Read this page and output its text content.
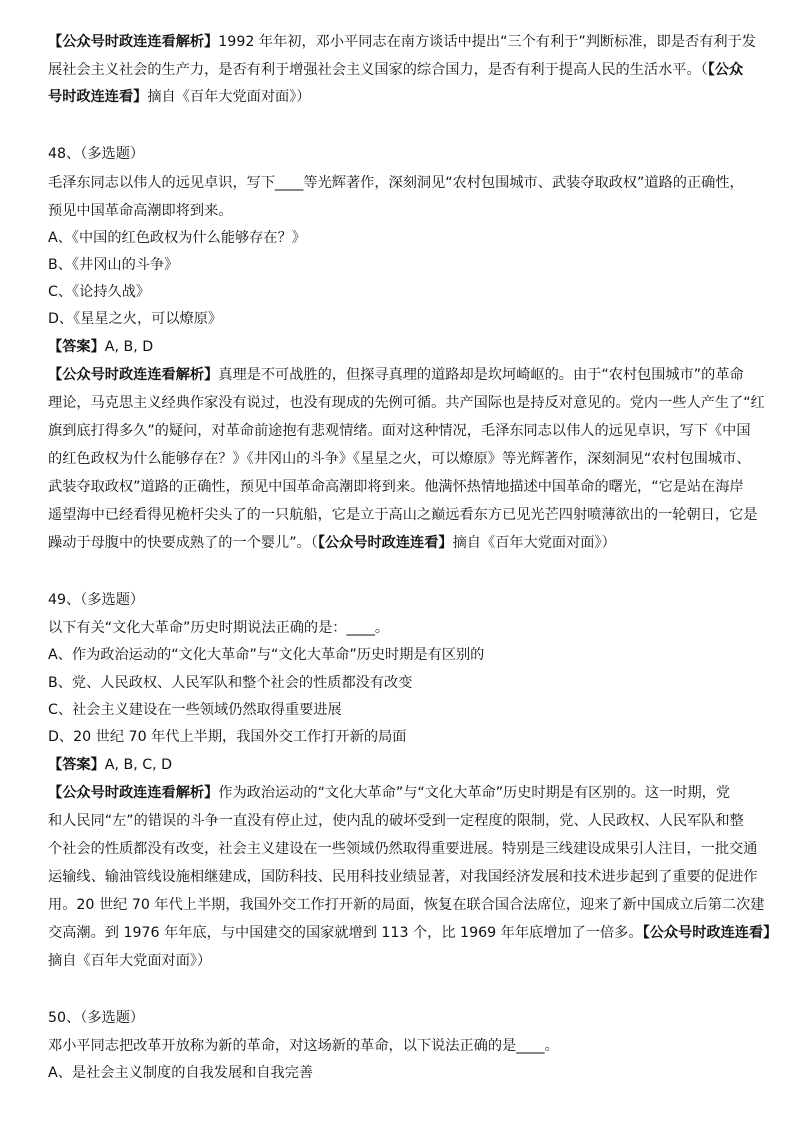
【公众号时政连连看解析】1992 年年初，邓小平同志在南方谈话中提出“三个有利于”判断标准，即是否有利于发
展社会主义社会的生产力，是否有利于增强社会主义国家的综合国力，是否有利于提高人民的生活水平。（【公众
号时政连连看】摘自《百年大党面对面》）
48、（多选题）
毛泽东同志以伟人的远见卓识，写下____等光辉著作，深刻洞见“农村包围城市、武装夺取政权”道路的正确性，
预见中国革命高潮即将到来。
A、《中国的红色政权为什么能够存在？》
B、《井冈山的斗争》
C、《论持久战》
D、《星星之火，可以燎原》
【答案】A, B, D
【公众号时政连连看解析】真理是不可战胜的，但探寻真理的道路却是坎坷崎岖的。由于“农村包围城市”的革命
理论，马克思主义经典作家没有说过，也没有现成的先例可循。共产国际也是持反对意见的。党内一些人产生了“红
旗到底打得多久”的疑问，对革命前途抱有悲观情绪。面对这种情况，毛泽东同志以伟人的远见卓识，写下《中国
的红色政权为什么能够存在？》《井冈山的斗争》《星星之火，可以燎原》等光辉著作，深刻洞见“农村包围城市、
武装夺取政权”道路的正确性，预见中国革命高潮即将到来。他满怀热情地描述中国革命的曙光，“它是站在海岸
遥望海中已经看得见桅杆尖头了的一只航船，它是立于高山之巅远看东方已见光芒四射喷薄欲出的一轮朝日，它是
躁动于母腹中的快要成熟了的一个婴儿”。（【公众号时政连连看】摘自《百年大党面对面》）
49、（多选题）
以下有关“文化大革命”历史时期说法正确的是：____。
A、作为政治运动的“文化大革命”与“文化大革命”历史时期是有区别的
B、党、人民政权、人民军队和整个社会的性质都没有改变
C、社会主义建设在一些领域仍然取得重要进展
D、20 世纪 70 年代上半期，我国外交工作打开新的局面
【答案】A, B, C, D
【公众号时政连连看解析】作为政治运动的“文化大革命”与“文化大革命”历史时期是有区别的。这一时期，党
和人民同“左”的错误的斗争一直没有停止过，使内乱的破坏受到一定程度的限制，党、人民政权、人民军队和整
个社会的性质都没有改变，社会主义建设在一些领域仍然取得重要进展。特别是三线建设成果引人注目，一批交通
运输线、输油管线设施相继建成，国防科技、民用科技业绩显著，对我国经济发展和技术进步起到了重要的促进作
用。20 世纪 70 年代上半期，我国外交工作打开新的局面，恢复在联合国合法席位，迎来了新中国成立后第二次建
交高潮。到 1976 年年底，与中国建交的国家就增到 113 个，比 1969 年年底增加了一倍多。【公众号时政连连看】
摘自《百年大党面对面》）
50、（多选题）
邓小平同志把改革开放称为新的革命，对这场新的革命，以下说法正确的是____。
A、是社会主义制度的自我发展和自我完善
